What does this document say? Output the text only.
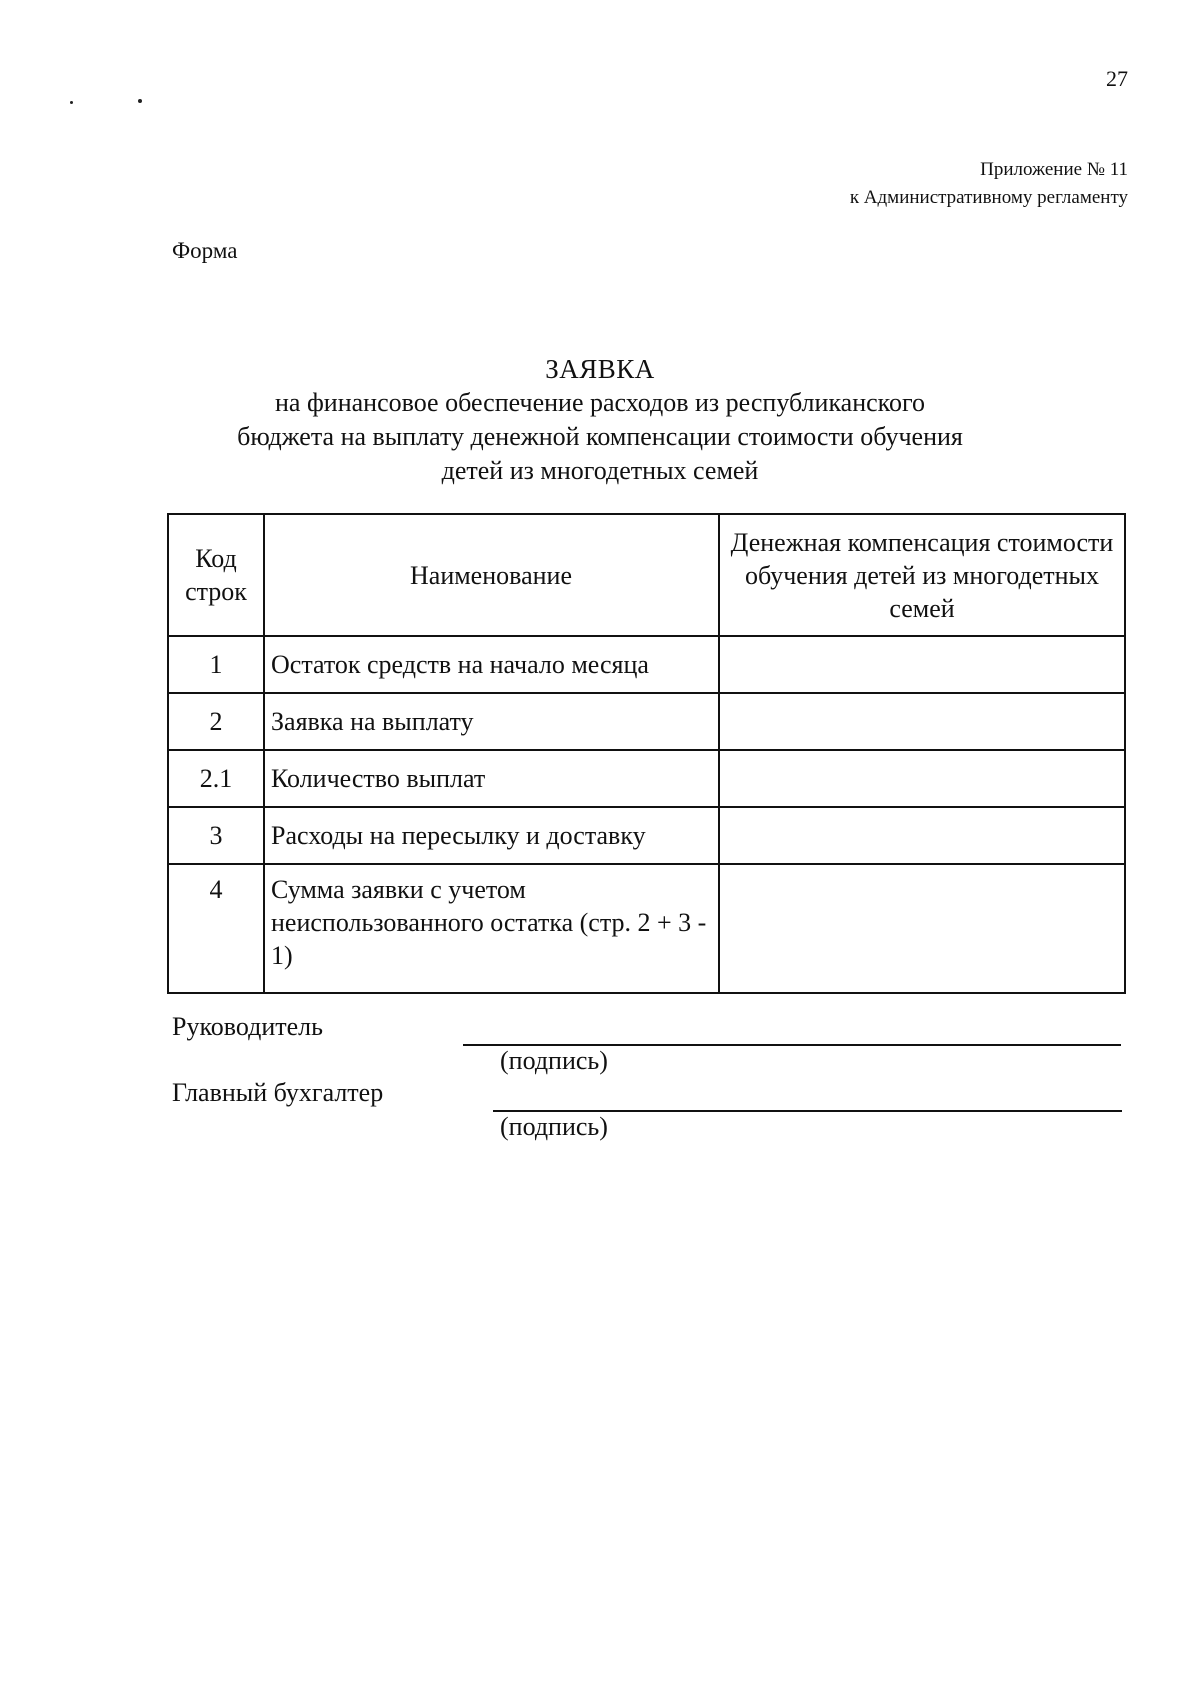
27
Приложение № 11
к Административному регламенту
Форма
ЗАЯВКА
на финансовое обеспечение расходов из республиканского
бюджета на выплату денежной компенсации стоимости обучения
детей из многодетных семей
Код строк	Наименование	Денежная компенсация стоимости обучения детей из многодетных семей
1	Остаток средств на начало месяца	
2	Заявка на выплату	
2.1	Количество выплат	
3	Расходы на пересылку и доставку	
4	Сумма заявки с учетом неиспользованного остатка (стр. 2 + 3 - 1)	
Руководитель
(подпись)
Главный бухгалтер
(подпись)
